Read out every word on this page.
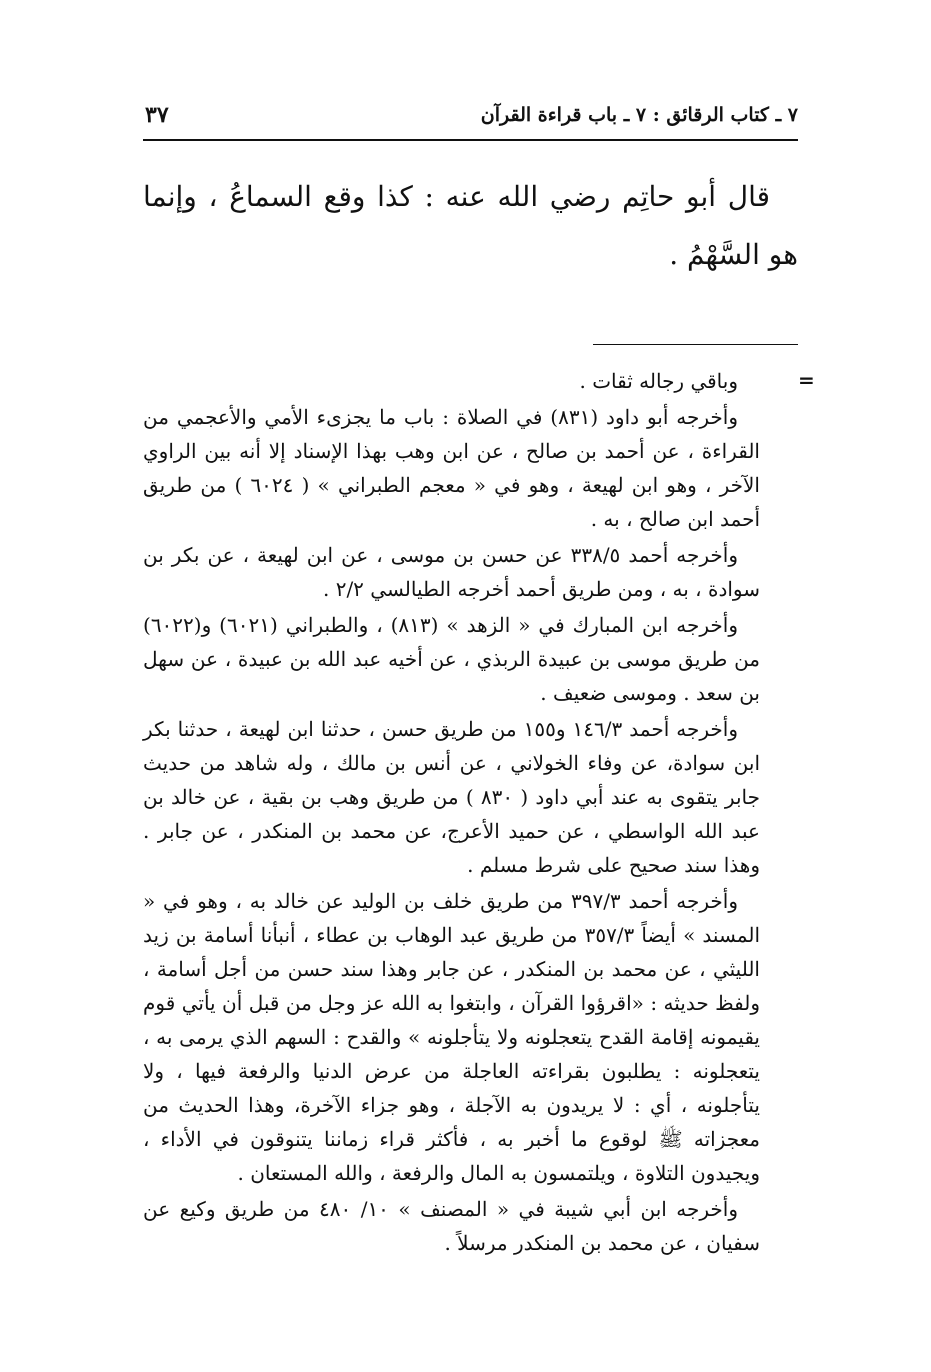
٧ ـ كتاب الرقائق : ٧ ـ باب قراءة القرآن
٣٧

قال أبو حاتِم رضي الله عنه : كذا وقع السماعُ ، وإنما هو السَّهْمُ .

=

وباقي رجاله ثقات .

وأخرجه أبو داود (٨٣١) في الصلاة : باب ما يجزىء الأمي والأعجمي من القراءة ، عن أحمد بن صالح ، عن ابن وهب بهذا الإسناد إلا أنه بين الراوي الآخر ، وهو ابن لهيعة ، وهو في « معجم الطبراني » ( ٦٠٢٤ ) من طريق أحمد ابن صالح ، به .

وأخرجه أحمد ٣٣٨/٥ عن حسن بن موسى ، عن ابن لهيعة ، عن بكر بن سوادة ، به ، ومن طريق أحمد أخرجه الطيالسي ٢/٢ .

وأخرجه ابن المبارك في « الزهد » (٨١٣) ، والطبراني (٦٠٢١) و(٦٠٢٢) من طريق موسى بن عبيدة الربذي ، عن أخيه عبد الله بن عبيدة ، عن سهل بن سعد . وموسى ضعيف .

وأخرجه أحمد ١٤٦/٣ و١٥٥ من طريق حسن ، حدثنا ابن لهيعة ، حدثنا بكر ابن سوادة، عن وفاء الخولاني ، عن أنس بن مالك ، وله شاهد من حديث جابر يتقوى به عند أبي داود ( ٨٣٠ ) من طريق وهب بن بقية ، عن خالد بن عبد الله الواسطي ، عن حميد الأعرج، عن محمد بن المنكدر ، عن جابر . وهذا سند صحيح على شرط مسلم .

وأخرجه أحمد ٣٩٧/٣ من طريق خلف بن الوليد عن خالد به ، وهو في « المسند » أيضاً ٣٥٧/٣ من طريق عبد الوهاب بن عطاء ، أنبأنا أسامة بن زيد الليثي ، عن محمد بن المنكدر ، عن جابر وهذا سند حسن من أجل أسامة ، ولفظ حديثه : «اقرؤوا القرآن ، وابتغوا به الله عز وجل من قبل أن يأتي قوم يقيمونه إقامة القدح يتعجلونه ولا يتأجلونه » والقدح : السهم الذي يرمى به ، يتعجلونه : يطلبون بقراءته العاجلة من عرض الدنيا والرفعة فيها ، ولا يتأجلونه ، أي : لا يريدون به الآجلة ، وهو جزاء الآخرة، وهذا الحديث من معجزاته ﷺ لوقوع ما أخبر به ، فأكثر قراء زماننا يتنوقون في الأداء ، ويجيدون التلاوة ، ويلتمسون به المال والرفعة ، والله المستعان .

وأخرجه ابن أبي شيبة في « المصنف » ١٠/ ٤٨٠ من طريق وكيع عن سفيان ، عن محمد بن المنكدر مرسلاً .
